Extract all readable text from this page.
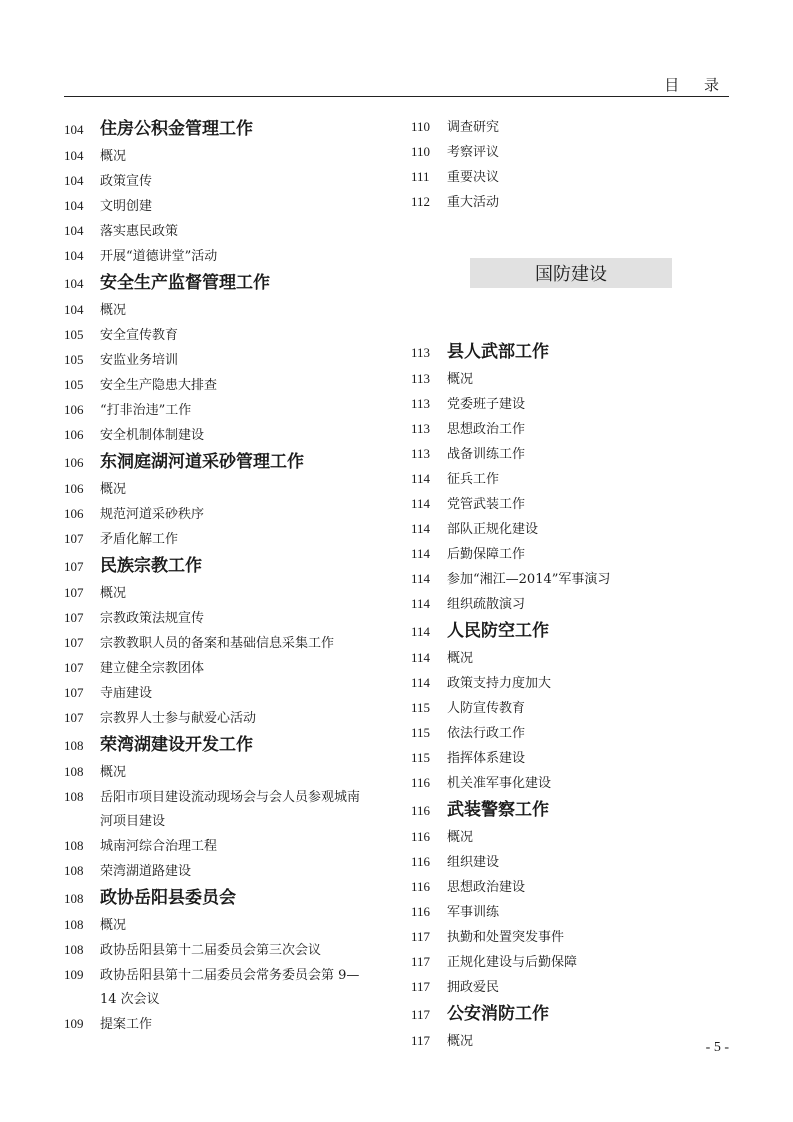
目 录
104 住房公积金管理工作
104	概况
104	政策宣传
104	文明创建
104	落实惠民政策
104	开展“道德讲堂”活动
104 安全生产监督管理工作
104	概况
105	安全宣传教育
105	安监业务培训
105	安全生产隐患大排查
106	“打非治违”工作
106	安全机制体制建设
106 东洞庭湖河道采砂管理工作
106	概况
106	规范河道采砂秩序
107	矛盾化解工作
107 民族宗教工作
107	概况
107	宗教政策法规宣传
107	宗教教职人员的备案和基础信息采集工作
107	建立健全宗教团体
107	寺庙建设
107	宗教界人士参与献爱心活动
108 荣湾湖建设开发工作
108	概况
108	岳阳市项目建设流动现场会与会人员参观城南
河项目建设
108	城南河综合治理工程
108	荣湾湖道路建设
108 政协岳阳县委员会
108	概况
108	政协岳阳县第十二届委员会第三次会议
109	政协岳阳县第十二届委员会常务委员会第 9—
14 次会议
109	提案工作
110	调查研究
110	考察评议
111	重要决议
112	重大活动
国防建设
113 县人武部工作
113	概况
113	党委班子建设
113	思想政治工作
113	战备训练工作
114	征兵工作
114	党管武装工作
114	部队正规化建设
114	后勤保障工作
114	参加“湘江—2014”军事演习
114	组织疏散演习
114 人民防空工作
114	概况
114	政策支持力度加大
115	人防宣传教育
115	依法行政工作
115	指挥体系建设
116	机关准军事化建设
116 武装警察工作
116	概况
116	组织建设
116	思想政治建设
116	军事训练
117	执勤和处置突发事件
117	正规化建设与后勤保障
117	拥政爱民
117 公安消防工作
117	概况	- 5 -
